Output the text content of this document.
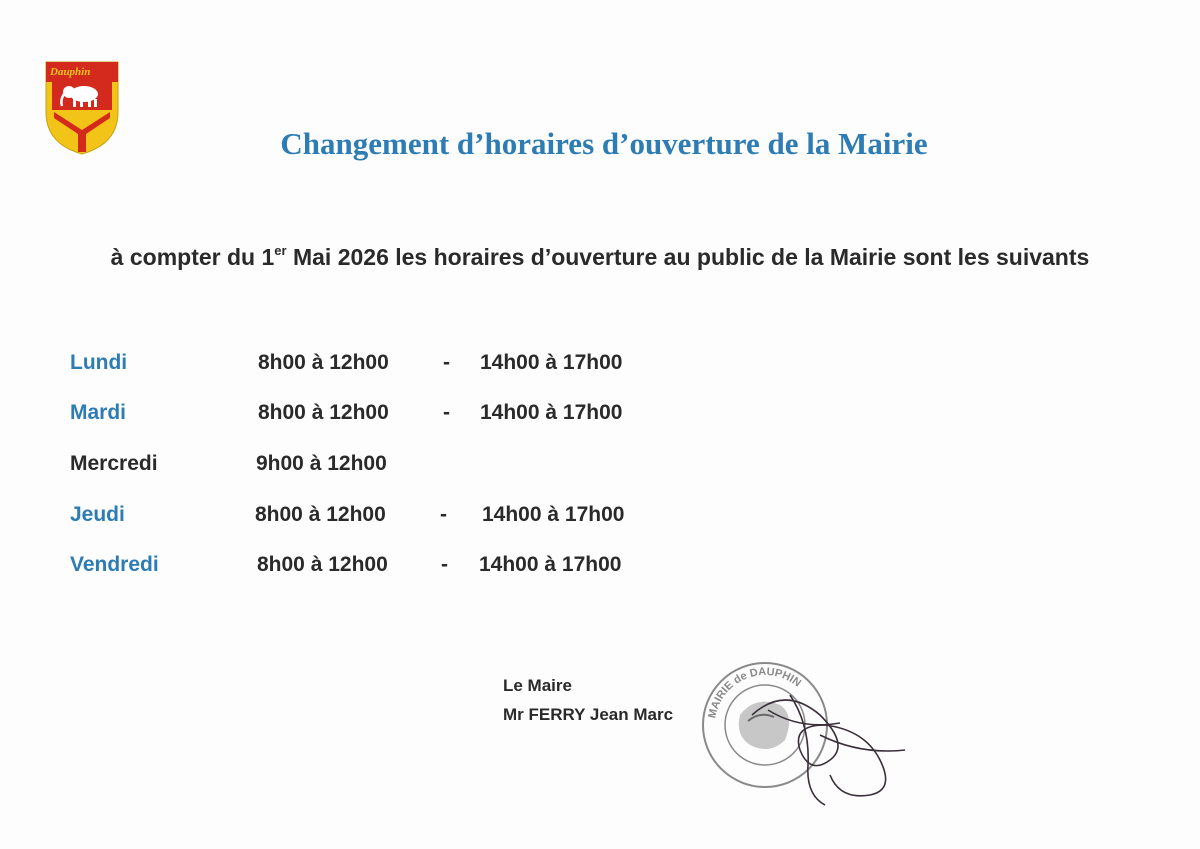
Dauphin
Changement d’horaires d’ouverture de la Mairie
à compter du 1er Mai 2026 les horaires d’ouverture au public de la Mairie sont les suivants
Lundi	8h00 à 12h00	- 14h00 à 17h00
Mardi	8h00 à 12h00	- 14h00 à 17h00
Mercredi	9h00 à 12h00
Jeudi	8h00 à 12h00	- 14h00 à 17h00
Vendredi	8h00 à 12h00	- 14h00 à 17h00
Le Maire
Mr FERRY Jean Marc	MAIRIE de DAUPHIN
